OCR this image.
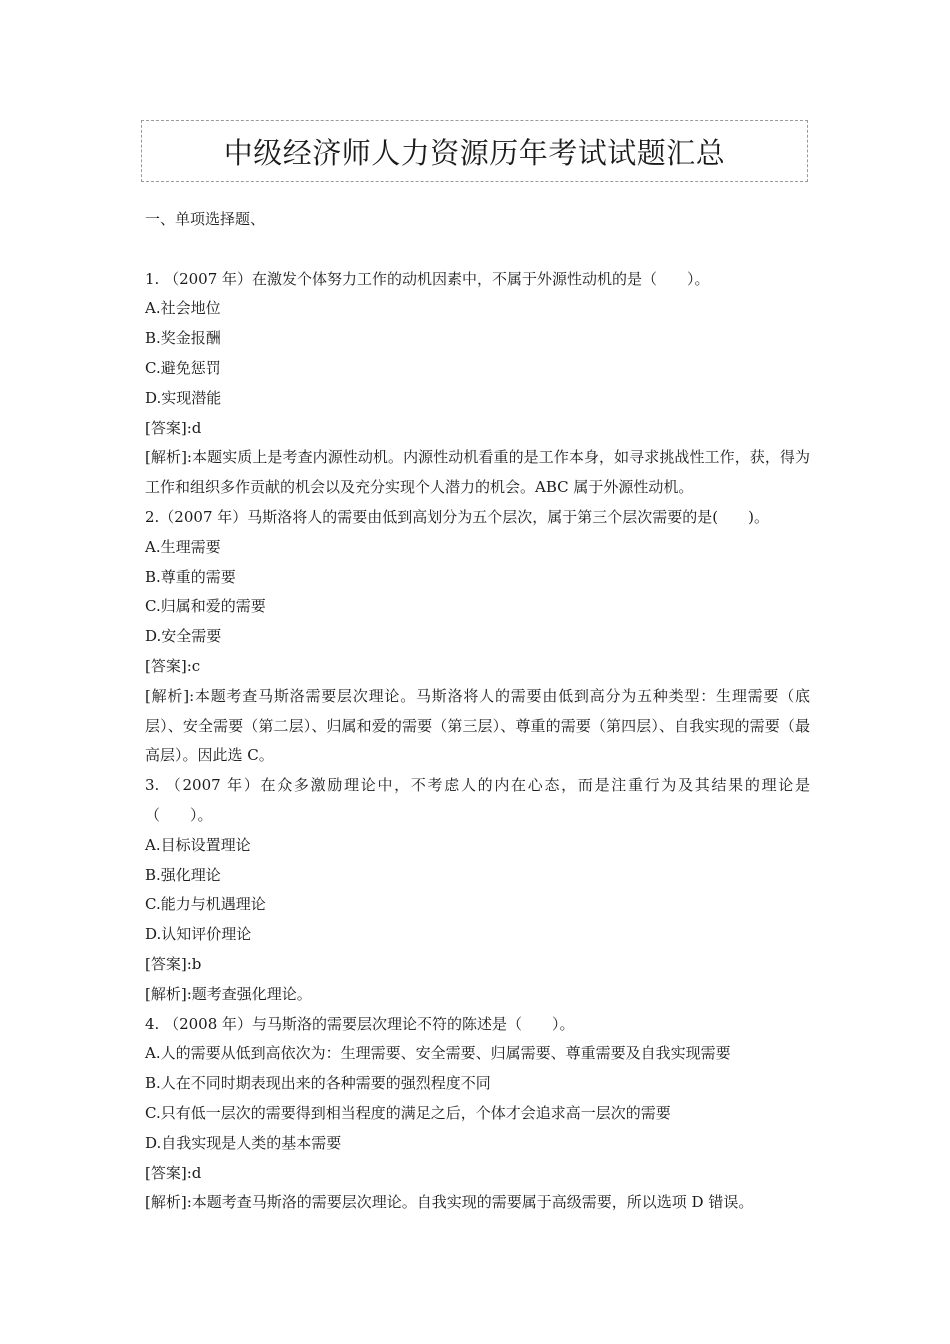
中级经济师人力资源历年考试试题汇总

一、单项选择题、

1. （2007 年）在激发个体努力工作的动机因素中，不属于外源性动机的是（　　）。

A.社会地位

B.奖金报酬

C.避免惩罚

D.实现潜能

[答案]:d

[解析]:本题实质上是考查内源性动机。内源性动机看重的是工作本身，如寻求挑战性工作，获，得为工作和组织多作贡献的机会以及充分实现个人潜力的机会。ABC 属于外源性动机。

2.（2007 年）马斯洛将人的需要由低到高划分为五个层次，属于第三个层次需要的是(　　)。

A.生理需要

B.尊重的需要

C.归属和爱的需要

D.安全需要

[答案]:c

[解析]:本题考查马斯洛需要层次理论。马斯洛将人的需要由低到高分为五种类型：生理需要（底层）、安全需要（第二层）、归属和爱的需要（第三层）、尊重的需要（第四层）、自我实现的需要（最高层）。因此选 C。

3. （2007 年）在众多激励理论中，不考虑人的内在心态，而是注重行为及其结果的理论是（　　）。

A.目标设置理论

B.强化理论

C.能力与机遇理论

D.认知评价理论

[答案]:b

[解析]:题考查强化理论。

4. （2008 年）与马斯洛的需要层次理论不符的陈述是（　　）。

A.人的需要从低到高依次为：生理需要、安全需要、归属需要、尊重需要及自我实现需要

B.人在不同时期表现出来的各种需要的强烈程度不同

C.只有低一层次的需要得到相当程度的满足之后，个体才会追求高一层次的需要

D.自我实现是人类的基本需要

[答案]:d

[解析]:本题考查马斯洛的需要层次理论。自我实现的需要属于高级需要，所以选项 D 错误。
